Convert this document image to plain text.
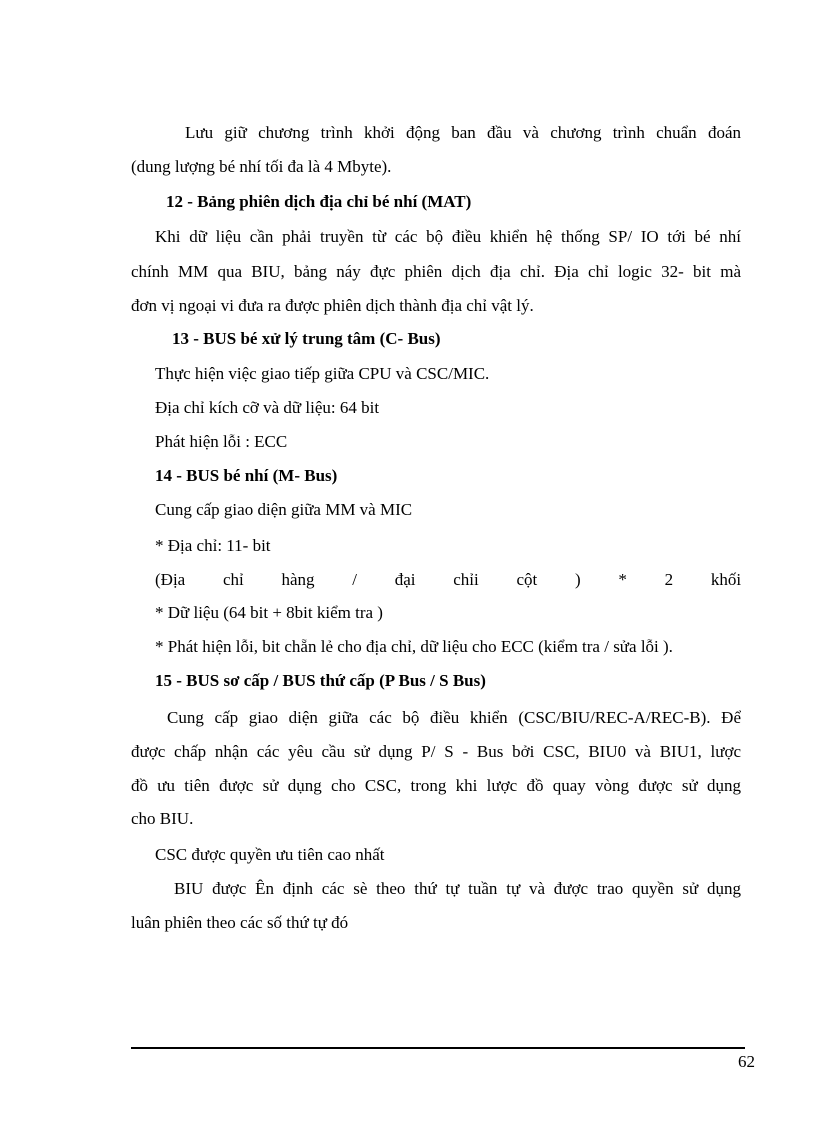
Lưu giữ chương trình khởi động ban đầu và chương trình chuẩn đoán
(dung lượng bé nhí tối đa là 4 Mbyte).
12 - Bảng phiên dịch địa chỉ bé nhí (MAT)
Khi dữ liệu cần phải truyền từ các bộ điều khiển hệ thống SP/ IO tới bé nhí
chính MM qua BIU, bảng náy đực phiên dịch địa chỉ. Địa chỉ logic 32- bit mà
đơn vị ngoại vi đưa ra được phiên dịch thành địa chỉ vật lý.
13 - BUS bé xử lý trung tâm (C- Bus)
Thực hiện việc giao tiếp giữa CPU và CSC/MIC.
Địa chỉ kích cỡ và dữ liệu: 64 bit
Phát hiện lỗi : ECC
14 - BUS bé nhí (M- Bus)
Cung cấp giao diện giữa MM và MIC
* Địa chỉ: 11- bit
(Địa chỉ hàng / đại chỉi cột ) * 2 khối
* Dữ liệu (64 bit + 8bit kiểm tra )
* Phát hiện lỗi, bit chẵn lẻ cho địa chỉ, dữ liệu cho ECC (kiểm tra / sửa lỗi ).
15 - BUS sơ cấp / BUS thứ cấp (P Bus / S Bus)
Cung cấp giao diện giữa các bộ điều khiển (CSC/BIU/REC-A/REC-B). Để
được chấp nhận các yêu cầu sử dụng P/ S - Bus bởi CSC, BIU0 và BIU1, lược
đồ ưu tiên được sử dụng cho CSC, trong khi lược đồ quay vòng được sử dụng
cho BIU.
CSC được quyền ưu tiên cao nhất
BIU được Ên định các sè theo thứ tự tuần tự và được trao quyền sử dụng
luân phiên theo các số thứ tự đó
62
